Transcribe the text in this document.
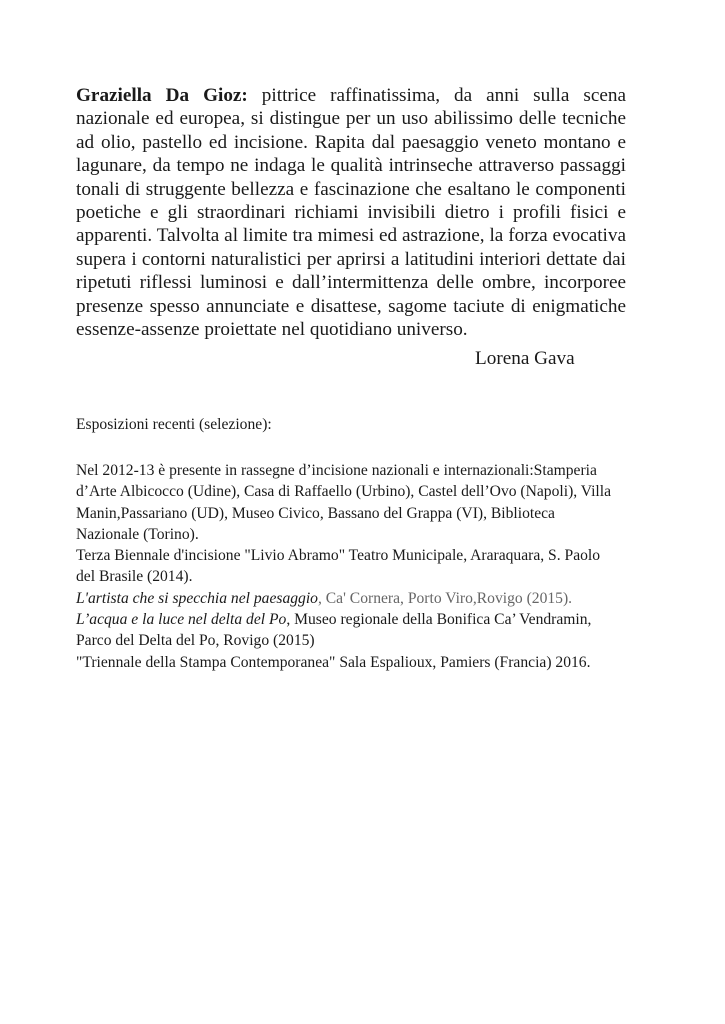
Graziella Da Gioz: pittrice raffinatissima, da anni sulla scena nazionale ed europea, si distingue per un uso abilissimo delle tecniche ad olio, pastello ed incisione. Rapita dal paesaggio veneto montano e lagunare, da tempo ne indaga le qualità intrinseche attraverso passaggi tonali di struggente bellezza e fascinazione che esaltano le componenti poetiche e gli straordinari richiami invisibili dietro i profili fisici e apparenti. Talvolta al limite tra mimesi ed astrazione, la forza evocativa supera i contorni naturalistici per aprirsi a latitudini interiori dettate dai ripetuti riflessi luminosi e dall’intermittenza delle ombre, incorporee presenze spesso annunciate e disattese, sagome taciute di enigmatiche essenze-assenze proiettate nel quotidiano universo.

Lorena Gava

Esposizioni recenti (selezione):

Nel 2012-13 è presente in rassegne d’incisione nazionali e internazionali:Stamperia d’Arte Albicocco (Udine), Casa di Raffaello (Urbino), Castel dell’Ovo (Napoli), Villa Manin,Passariano (UD), Museo Civico, Bassano del Grappa (VI), Biblioteca Nazionale (Torino).
Terza Biennale d'incisione "Livio Abramo" Teatro Municipale, Araraquara, S. Paolo del Brasile (2014).
L'artista che si specchia nel paesaggio, Ca' Cornera, Porto Viro,Rovigo (2015).
L’acqua e la luce nel delta del Po, Museo regionale della Bonifica Ca’ Vendramin, Parco del Delta del Po, Rovigo (2015)
"Triennale della Stampa Contemporanea" Sala Espalioux, Pamiers (Francia) 2016.
